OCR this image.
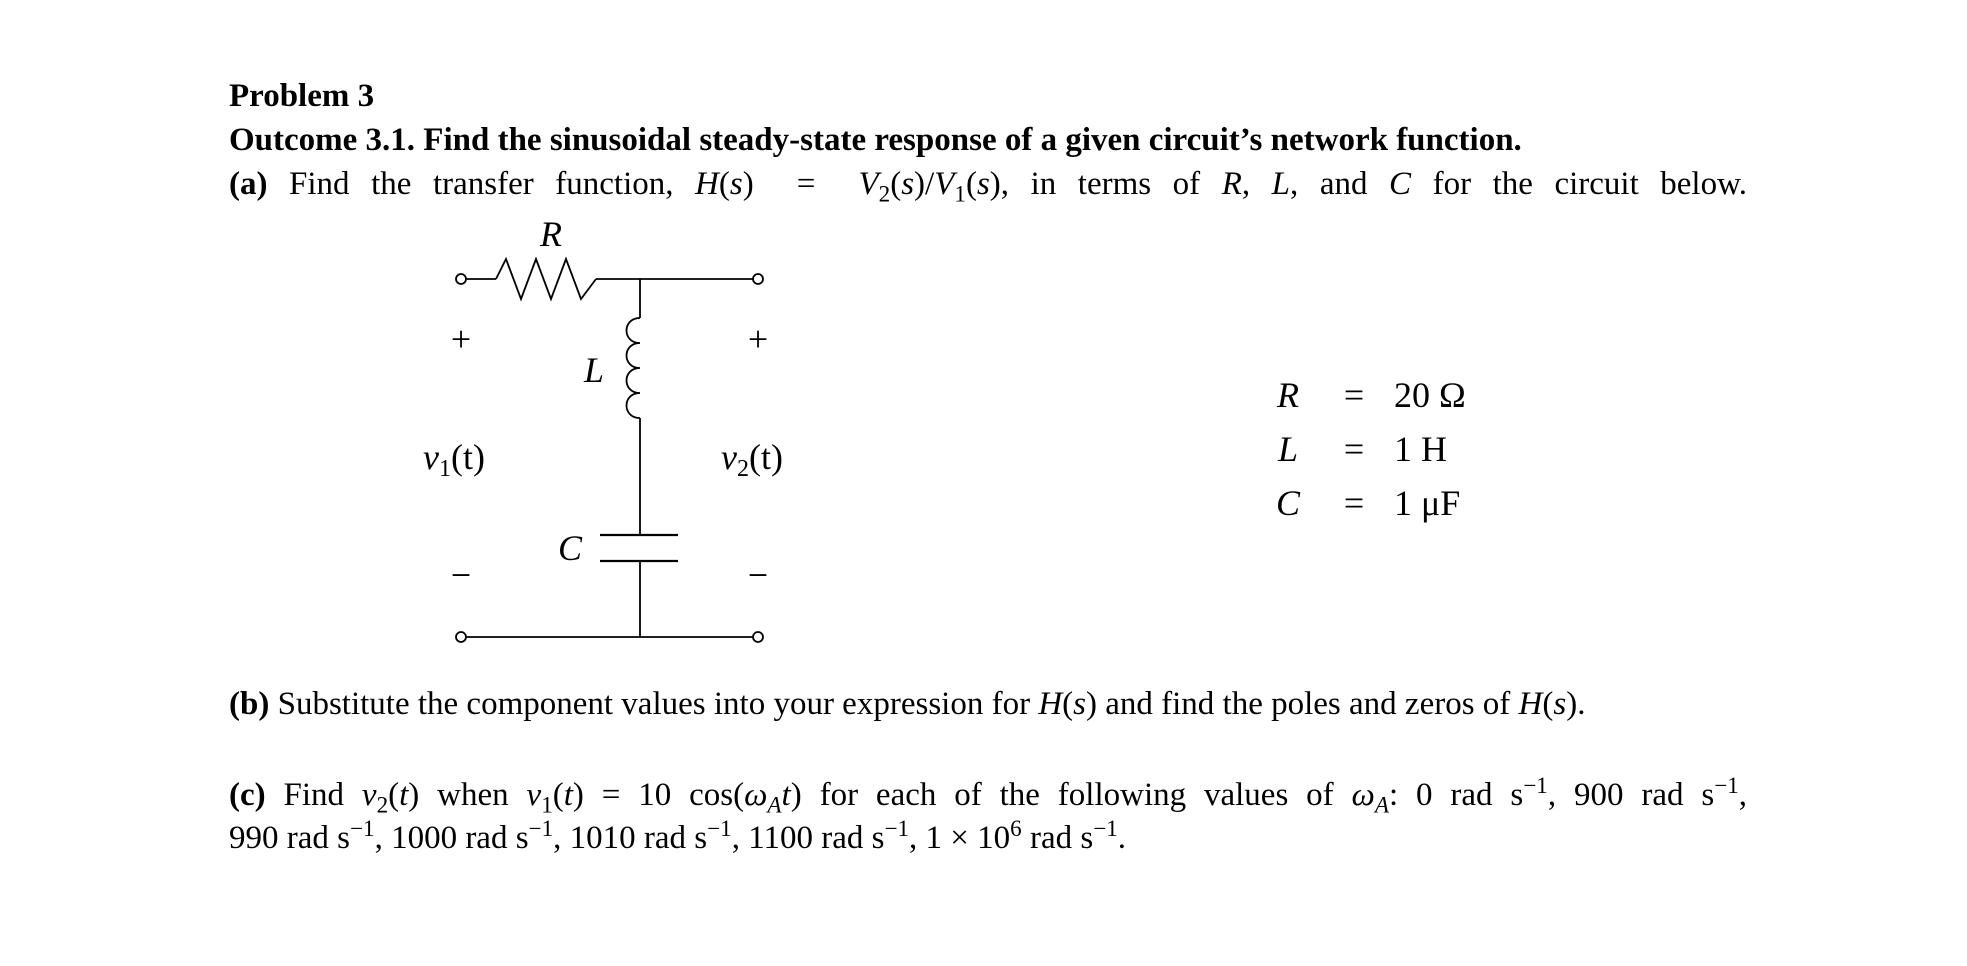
Problem 3
Outcome 3.1. Find the sinusoidal steady-state response of a given circuit’s network function.
(a) Find the transfer function, $H(s) = V_2(s)/V_1(s)$, in terms of R, L, and C for the circuit below.
R
L
C
+	+
−	−
v1(t)	v2(t)
R	= 20 Ω
L	= 1 H
C	= 1 μF
(b) Substitute the component values into your expression for H(s) and find the poles and zeros of H(s).
(c) Find $v_2(t)$ when $v_1(t) = 10$ $\cos(\omega_At)$ for each of the following values of $\omega_A$: 0 rad $s^{-1}$, 900 rad $s^{-1}$,
990 rad $s^{-1}$, 1000 rad $s^{-1}$, 1010 rad $s^{-1}$, 1100 rad $s^{-1}$, $1 \times 10^6$ rad $s^{-1}$.
